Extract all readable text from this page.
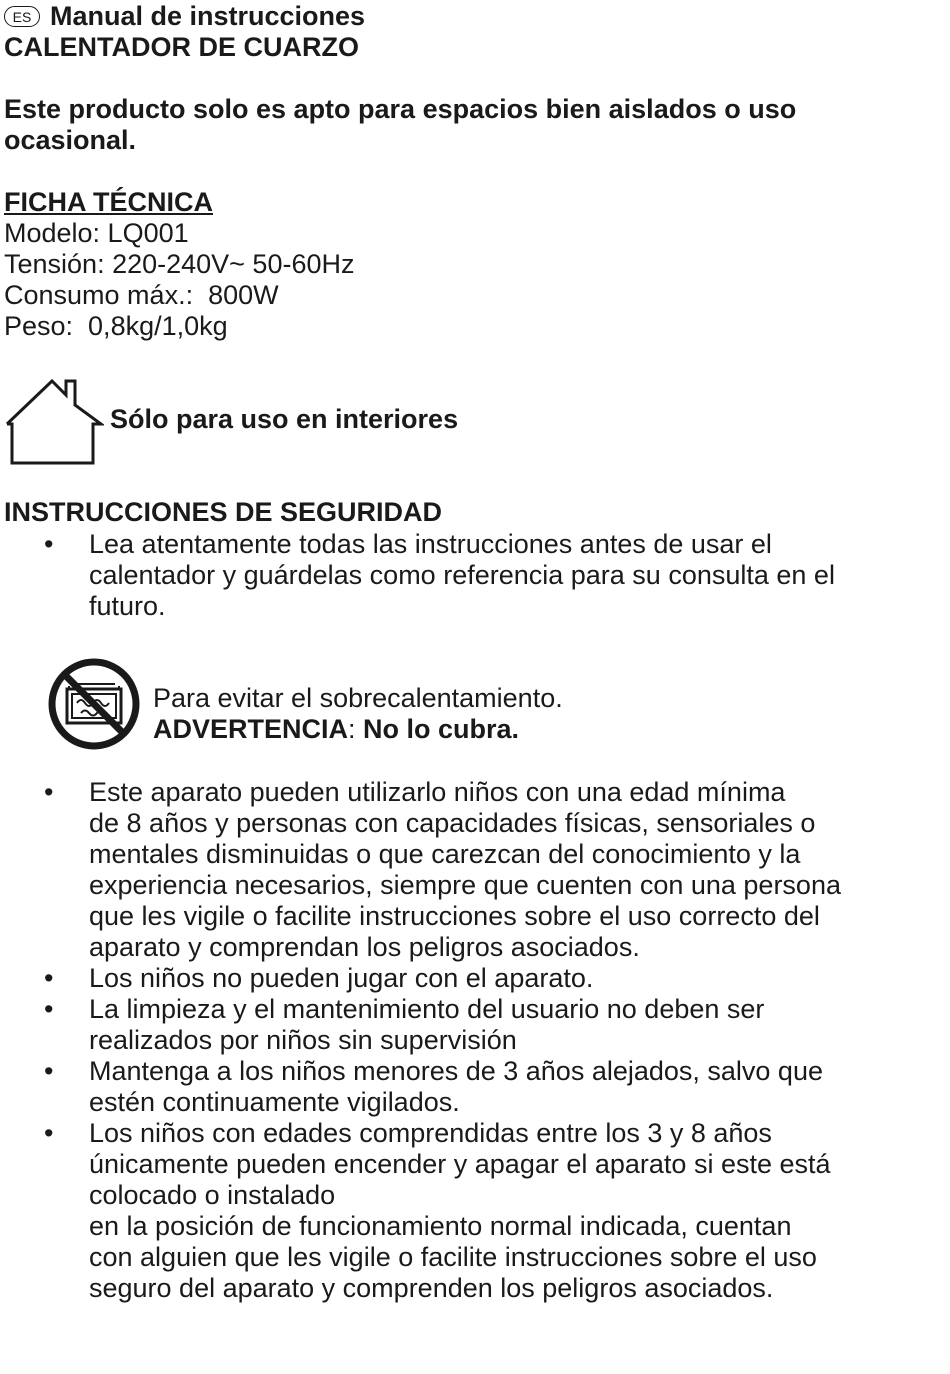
ES Manual de instrucciones
CALENTADOR DE CUARZO
Este producto solo es apto para espacios bien aislados o uso
ocasional.
FICHA TÉCNICA
Modelo: LQ001
Tensión: 220-240V~ 50-60Hz
Consumo máx.:  800W
Peso:  0,8kg/1,0kg
Sólo para uso en interiores
INSTRUCCIONES DE SEGURIDAD
• Lea atentamente todas las instrucciones antes de usar el
calentador y guárdelas como referencia para su consulta en el
futuro.
Para evitar el sobrecalentamiento.
ADVERTENCIA: No lo cubra.
• Este aparato pueden utilizarlo niños con una edad mínima
de 8 años y personas con capacidades físicas, sensoriales o
mentales disminuidas o que carezcan del conocimiento y la
experiencia necesarios, siempre que cuenten con una persona
que les vigile o facilite instrucciones sobre el uso correcto del
aparato y comprendan los peligros asociados.
• Los niños no pueden jugar con el aparato.
• La limpieza y el mantenimiento del usuario no deben ser
realizados por niños sin supervisión
• Mantenga a los niños menores de 3 años alejados, salvo que
estén continuamente vigilados.
• Los niños con edades comprendidas entre los 3 y 8 años
únicamente pueden encender y apagar el aparato si este está
colocado o instalado
en la posición de funcionamiento normal indicada, cuentan
con alguien que les vigile o facilite instrucciones sobre el uso
seguro del aparato y comprenden los peligros asociados.
